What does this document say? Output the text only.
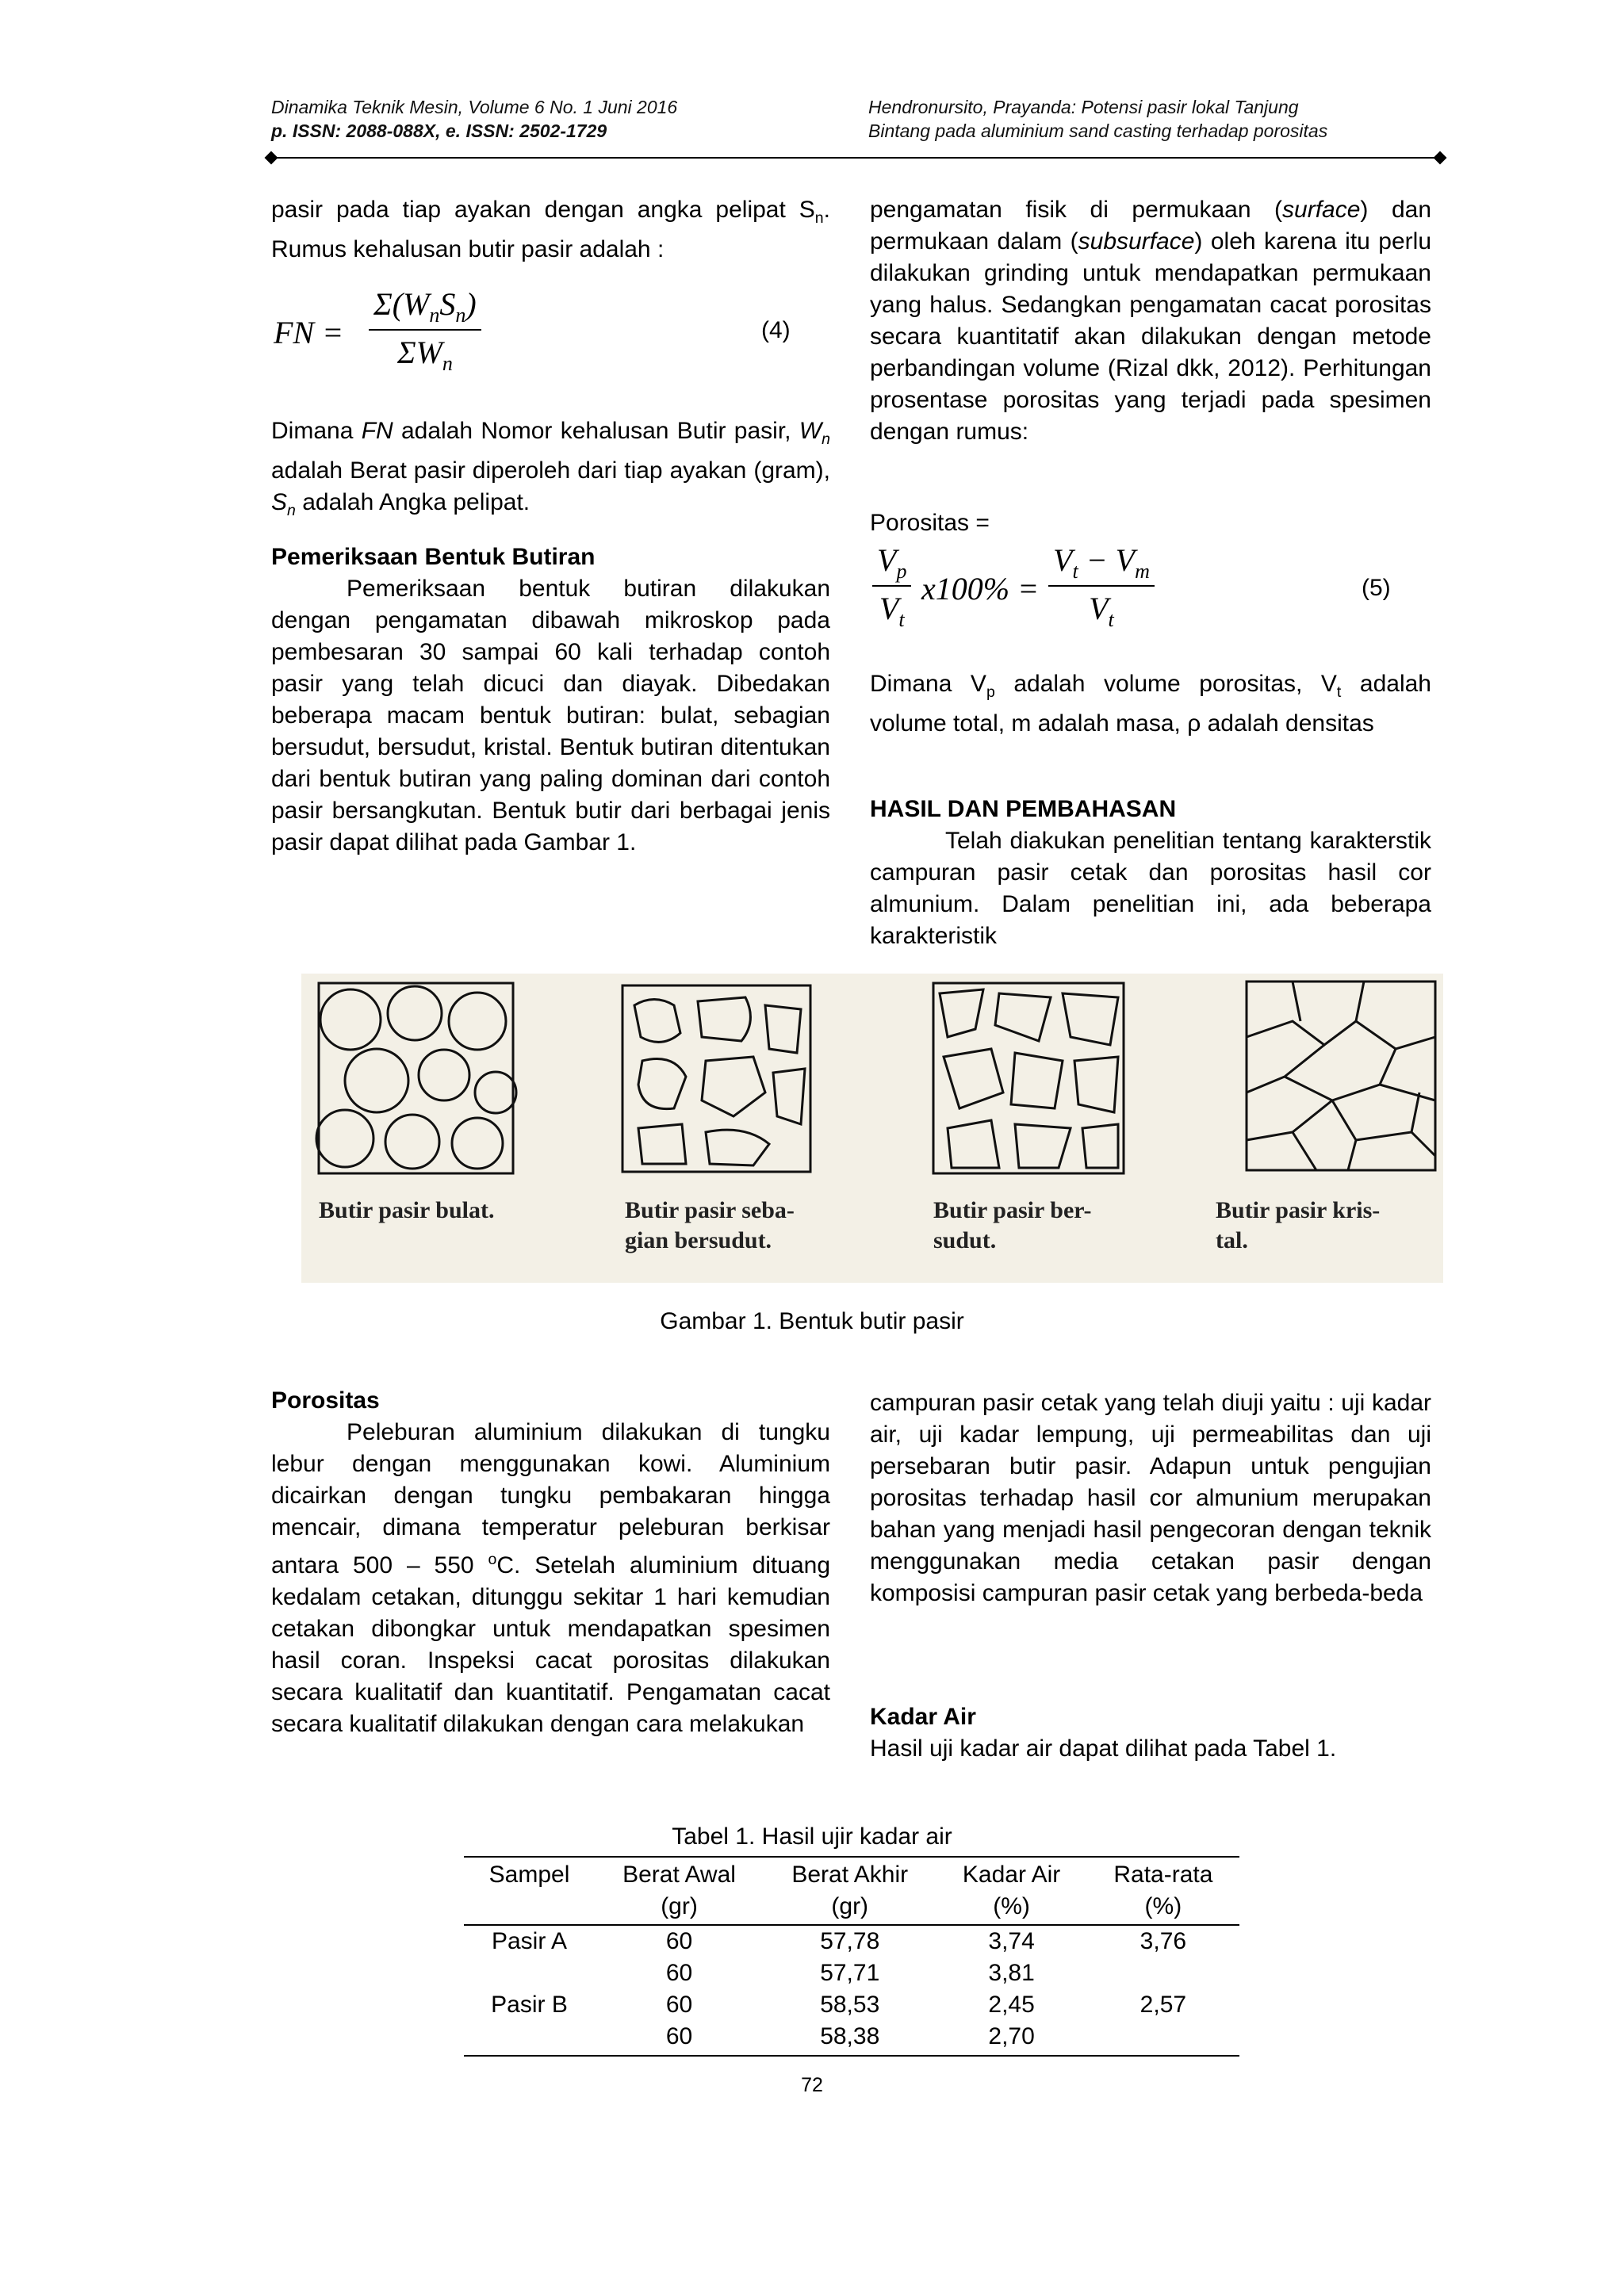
Dinamika Teknik Mesin, Volume 6 No. 1 Juni 2016
p. ISSN: 2088-088X, e. ISSN: 2502-1729
Hendronursito, Prayanda: Potensi pasir lokal Tanjung
Bintang pada aluminium sand casting terhadap porositas

pasir pada tiap ayakan dengan angka pelipat $S_n$. Rumus kehalusan butir pasir adalah :

FN =
$\Sigma(W_nS_n)$
$\Sigma W_n$
(4)

Dimana FN adalah Nomor kehalusan Butir pasir, $W_n$ adalah Berat pasir diperoleh dari tiap ayakan (gram), $S_n$ adalah Angka pelipat.

Pemeriksaan Bentuk Butiran

Pemeriksaan bentuk butiran dilakukan dengan pengamatan dibawah mikroskop pada pembesaran 30 sampai 60 kali terhadap contoh pasir yang telah dicuci dan diayak. Dibedakan beberapa macam bentuk butiran: bulat, sebagian bersudut, bersudut, kristal. Bentuk butiran ditentukan dari bentuk butiran yang paling dominan dari contoh pasir bersangkutan. Bentuk butir dari berbagai jenis pasir dapat dilihat pada Gambar 1.

pengamatan fisik di permukaan (surface) dan permukaan dalam (subsurface) oleh karena itu perlu dilakukan grinding untuk mendapatkan permukaan yang halus. Sedangkan pengamatan cacat porositas secara kuantitatif akan dilakukan dengan metode perbandingan volume (Rizal dkk, 2012). Perhitungan prosentase porositas yang terjadi pada spesimen dengan rumus:

Porositas =
$\frac{V_p}{V_t} x100\% = \frac{V_t - V_m}{V_t}$	(5)

Dimana $V_p$ adalah volume porositas, $V_t$ adalah volume total, m adalah masa, ρ adalah densitas

HASIL DAN PEMBAHASAN

Telah diakukan penelitian tentang karakterstik campuran pasir cetak dan porositas hasil cor almunium. Dalam penelitian ini, ada beberapa karakteristik

Butir pasir bulat.	Butir pasir seba-
gian bersudut.
Butir pasir ber-
sudut.
Butir pasir kris-
tal.
Gambar 1. Bentuk butir pasir
Porositas

Peleburan aluminium dilakukan di tungku lebur dengan menggunakan kowi. Aluminium dicairkan dengan tungku pembakaran hingga mencair, dimana temperatur peleburan berkisar antara 500 – 550 $^o$C. Setelah aluminium dituang kedalam cetakan, ditunggu sekitar 1 hari kemudian cetakan dibongkar untuk mendapatkan spesimen hasil coran. Inspeksi cacat porositas dilakukan secara kualitatif dan kuantitatif. Pengamatan cacat secara kualitatif dilakukan dengan cara melakukan

campuran pasir cetak yang telah diuji yaitu : uji kadar air, uji kadar lempung, uji permeabilitas dan uji persebaran butir pasir. Adapun untuk pengujian porositas terhadap hasil cor almunium merupakan bahan yang menjadi hasil pengecoran dengan teknik menggunakan media cetakan pasir dengan komposisi campuran pasir cetak yang berbeda-beda

Kadar Air

Hasil uji kadar air dapat dilihat pada Tabel 1.

Tabel 1. Hasil ujir kadar air
Sampel	Berat Awal	Berat Akhir	Kadar Air	Rata-rata
	(gr)	(gr)	(%)	(%)
Pasir A	60	57,78	3,74	3,76
	60	57,71	3,81	
Pasir B	60	58,53	2,45	2,57
	60	58,38	2,70	
72
